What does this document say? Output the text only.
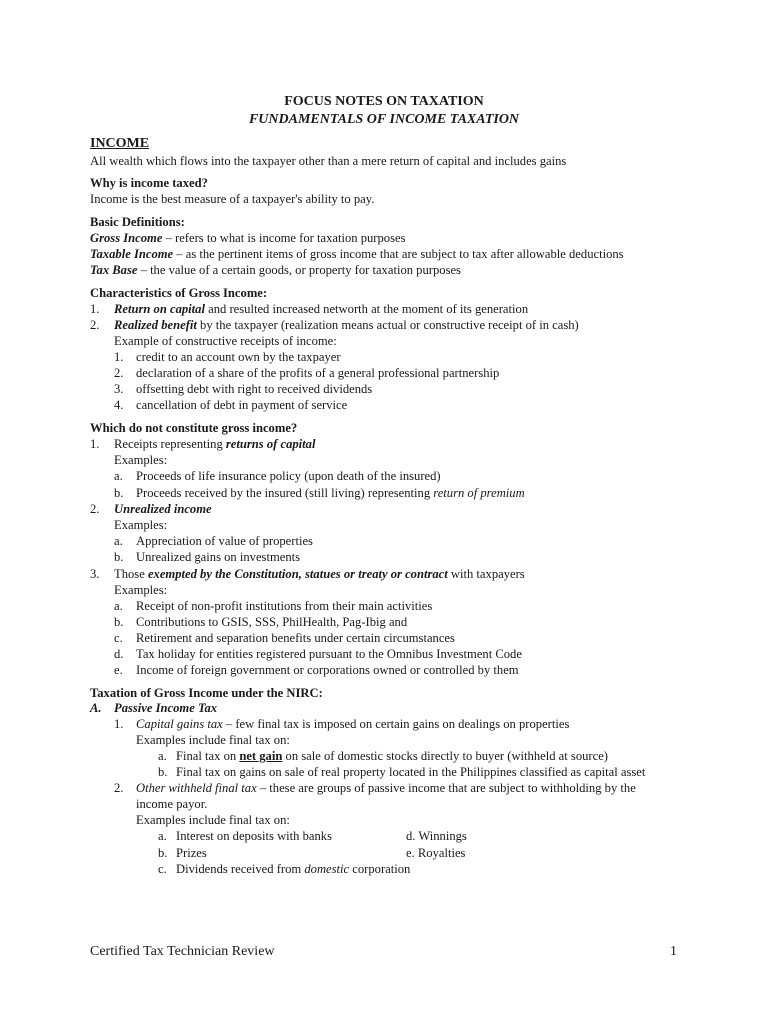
FOCUS NOTES ON TAXATION
FUNDAMENTALS OF INCOME TAXATION
INCOME
All wealth which flows into the taxpayer other than a mere return of capital and includes gains
Why is income taxed?
Income is the best measure of a taxpayer's ability to pay.
Basic Definitions:
Gross Income – refers to what is income for taxation purposes
Taxable Income – as the pertinent items of gross income that are subject to tax after allowable deductions
Tax Base – the value of a certain goods, or property for taxation purposes
Characteristics of Gross Income:
1. Return on capital and resulted increased networth at the moment of its generation
2. Realized benefit by the taxpayer (realization means actual or constructive receipt of in cash)
Example of constructive receipts of income:
1. credit to an account own by the taxpayer
2. declaration of a share of the profits of a general professional partnership
3. offsetting debt with right to received dividends
4. cancellation of debt in payment of service
Which do not constitute gross income?
1. Receipts representing returns of capital
Examples:
a. Proceeds of life insurance policy (upon death of the insured)
b. Proceeds received by the insured (still living) representing return of premium
2. Unrealized income
Examples:
a. Appreciation of value of properties
b. Unrealized gains on investments
3. Those exempted by the Constitution, statues or treaty or contract with taxpayers
Examples:
a. Receipt of non-profit institutions from their main activities
b. Contributions to GSIS, SSS, PhilHealth, Pag-Ibig and
c. Retirement and separation benefits under certain circumstances
d. Tax holiday for entities registered pursuant to the Omnibus Investment Code
e. Income of foreign government or corporations owned or controlled by them
Taxation of Gross Income under the NIRC:
A. Passive Income Tax
1. Capital gains tax – few final tax is imposed on certain gains on dealings on properties
Examples include final tax on:
a. Final tax on net gain on sale of domestic stocks directly to buyer (withheld at source)
b. Final tax on gains on sale of real property located in the Philippines classified as capital asset
2. Other withheld final tax – these are groups of passive income that are subject to withholding by the
income payor.
Examples include final tax on:
a. Interest on deposits with banks	d. Winnings
b. Prizes	e. Royalties
c. Dividends received from domestic corporation
Certified Tax Technician Review	1
